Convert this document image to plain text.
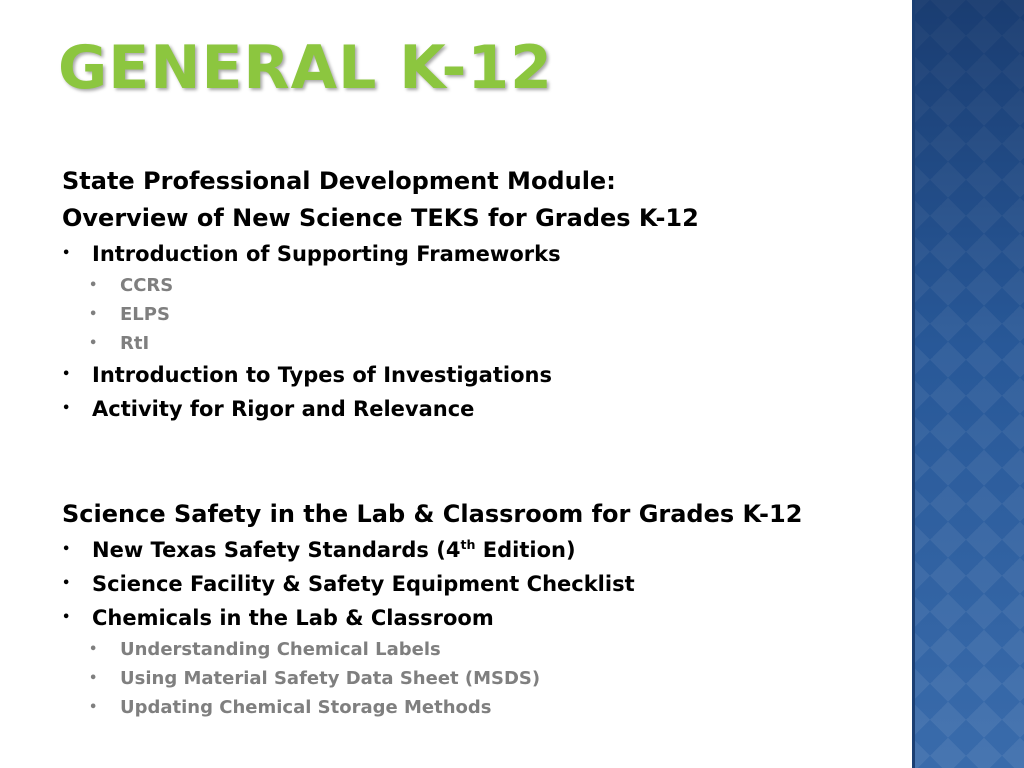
GENERAL K-12
State Professional Development Module:
Overview of New Science TEKS for Grades K-12
• Introduction of Supporting Frameworks
• CCRS
• ELPS
• RtI
• Introduction to Types of Investigations
• Activity for Rigor and Relevance
Science Safety in the Lab & Classroom for Grades K-12
• New Texas Safety Standards (4th Edition)
• Science Facility & Safety Equipment Checklist
• Chemicals in the Lab & Classroom
• Understanding Chemical Labels
• Using Material Safety Data Sheet (MSDS)
• Updating Chemical Storage Methods
